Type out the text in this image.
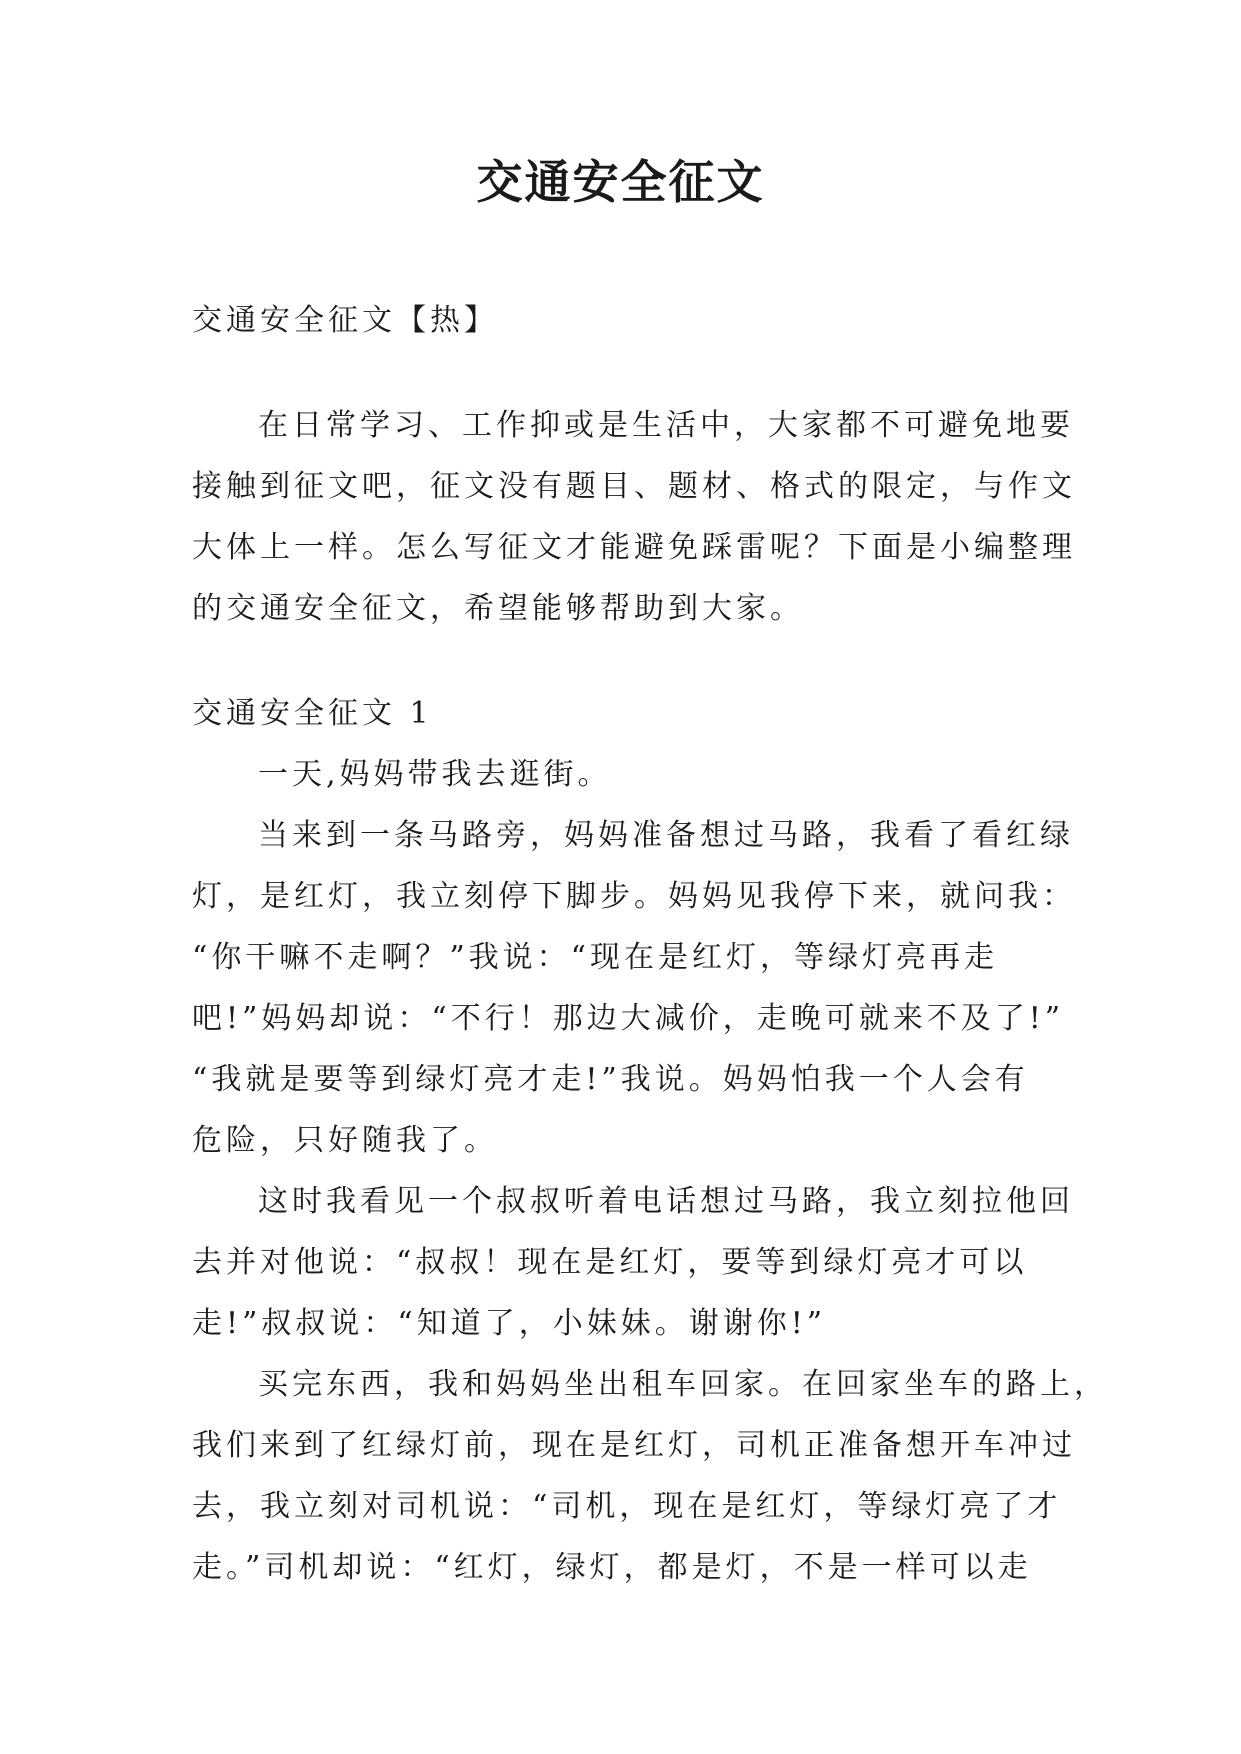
交通安全征文

交通安全征文【热】

在日常学习、工作抑或是生活中，大家都不可避免地要

接触到征文吧，征文没有题目、题材、格式的限定，与作文

大体上一样。怎么写征文才能避免踩雷呢？下面是小编整理

的交通安全征文，希望能够帮助到大家。

交通安全征文 1

一天,妈妈带我去逛街。

当来到一条马路旁，妈妈准备想过马路，我看了看红绿

灯，是红灯，我立刻停下脚步。妈妈见我停下来，就问我：

“你干嘛不走啊？”我说：“现在是红灯，等绿灯亮再走

吧!”妈妈却说：“不行！那边大减价，走晚可就来不及了!”

“我就是要等到绿灯亮才走!”我说。妈妈怕我一个人会有

危险，只好随我了。

这时我看见一个叔叔听着电话想过马路，我立刻拉他回

去并对他说：“叔叔！现在是红灯，要等到绿灯亮才可以

走!”叔叔说：“知道了，小妹妹。谢谢你!”

买完东西，我和妈妈坐出租车回家。在回家坐车的路上，

我们来到了红绿灯前，现在是红灯，司机正准备想开车冲过

去，我立刻对司机说：“司机，现在是红灯，等绿灯亮了才

走。”司机却说：“红灯，绿灯，都是灯，不是一样可以走
